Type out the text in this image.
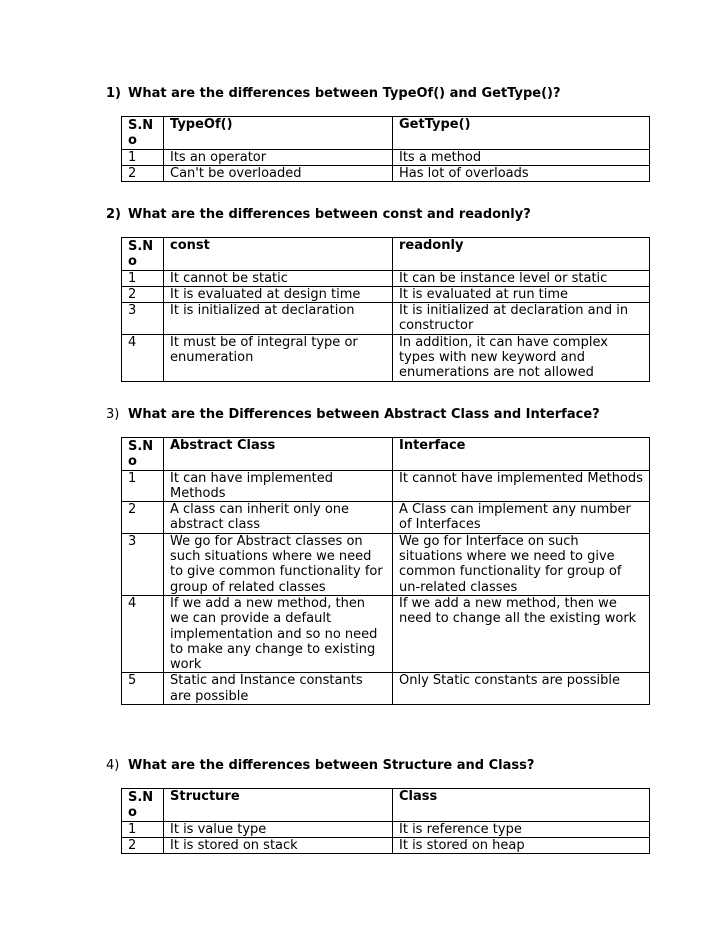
1) What are the differences between TypeOf() and GetType()?
S.No	TypeOf()	GetType()
1	Its an operator	Its a method
2	Can't be overloaded	Has lot of overloads
2) What are the differences between const and readonly?
S.No	const	readonly
1	It cannot be static	It can be instance level or static
2	It is evaluated at design time	It is evaluated at run time
3	It is initialized at declaration	It is initialized at declaration and in constructor
4	It must be of integral type or enumeration	In addition, it can have complex types with new keyword and enumerations are not allowed
3) What are the Differences between Abstract Class and Interface?
S.No	Abstract Class	Interface
1	It can have implemented Methods	It cannot have implemented Methods
2	A class can inherit only one abstract class	A Class can implement any number of Interfaces
3	We go for Abstract classes on such situations where we need to give common functionality for group of related classes	We go for Interface on such situations where we need to give common functionality for group of un-related classes
4	If we add a new method, then we can provide a default implementation and so no need to make any change to existing work	If we add a new method, then we need to change all the existing work
5	Static and Instance constants are possible	Only Static constants are possible
4) What are the differences between Structure and Class?
S.No	Structure	Class
1	It is value type	It is reference type
2	It is stored on stack	It is stored on heap
